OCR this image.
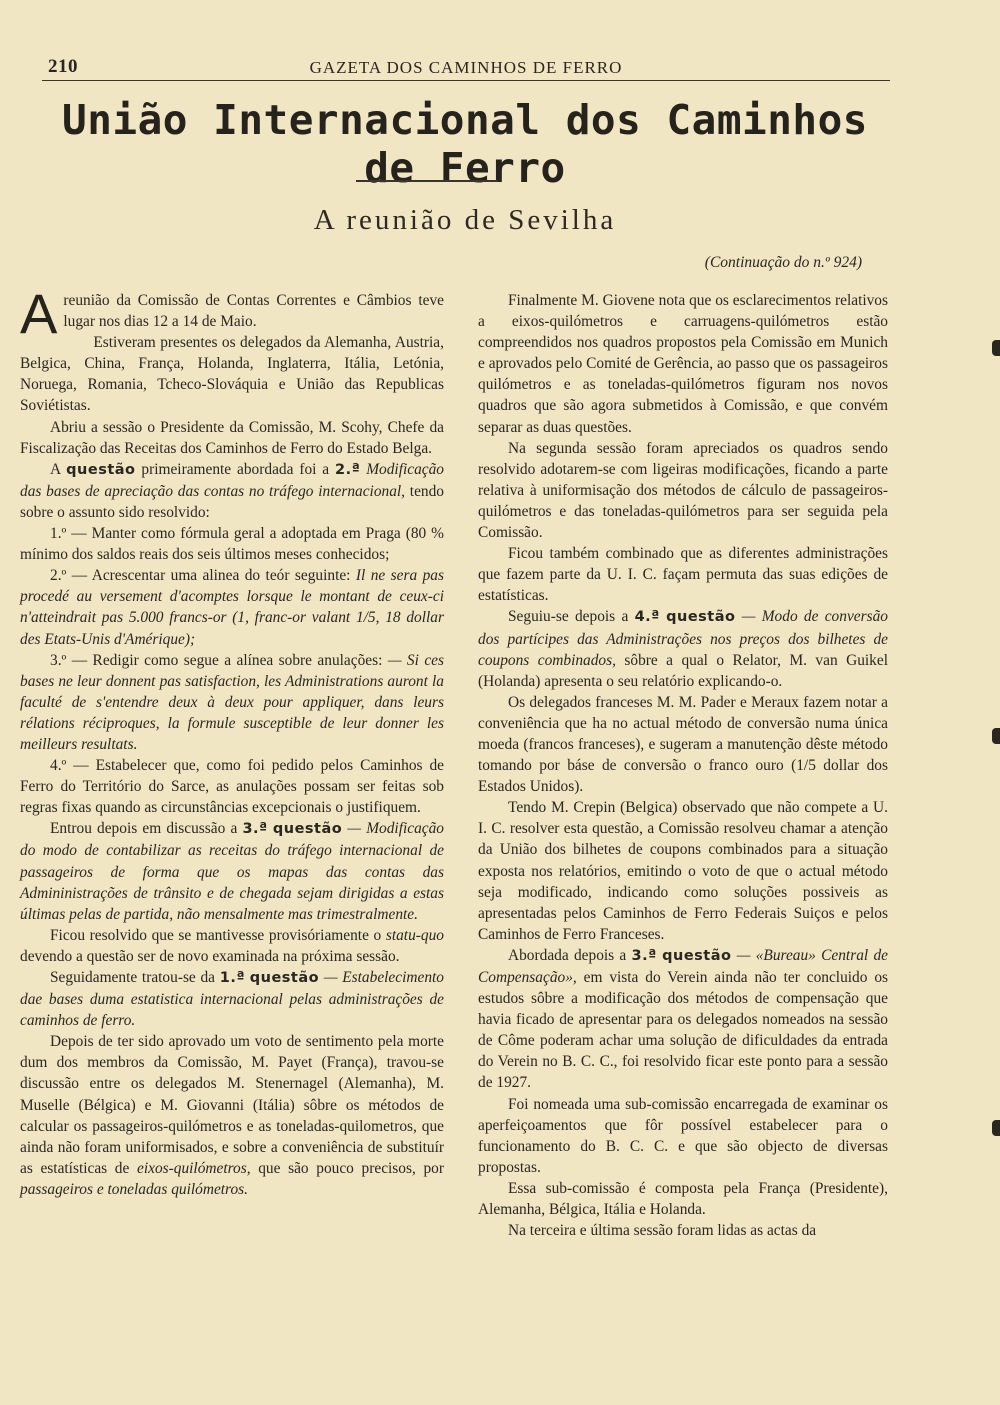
210	GAZETA DOS CAMINHOS DE FERRO
União Internacional dos Caminhos de Ferro
A reunião de Sevilha
(Continuação do n.º 924)

Areunião da Comissão de Contas Correntes e Câmbios teve lugar nos dias 12 a 14 de Maio.

Estiveram presentes os delegados da Alemanha, Austria, Belgica, China, França, Holanda, Inglaterra, Itália, Letónia, Noruega, Romania, Tcheco-Slováquia e União das Republicas Soviétistas.

Abriu a sessão o Presidente da Comissão, M. Scohy, Chefe da Fiscalização das Receitas dos Caminhos de Ferro do Estado Belga.

A questão primeiramente abordada foi a 2.ª Modificação das bases de apreciação das contas no tráfego internacional, tendo sobre o assunto sido resolvido:

1.º — Manter como fórmula geral a adoptada em Praga (80 % mínimo dos saldos reais dos seis últimos meses conhecidos;

2.º — Acrescentar uma alinea do teór seguinte: Il ne sera pas procedé au versement d'acomptes lorsque le montant de ceux-ci n'atteindrait pas 5.000 francs-or (1, franc-or valant 1/5, 18 dollar des Etats-Unis d'Amérique);

3.º — Redigir como segue a alínea sobre anulações: — Si ces bases ne leur donnent pas satisfaction, les Administrations auront la faculté de s'entendre deux à deux pour appliquer, dans leurs rélations réciproques, la formule susceptible de leur donner les meilleurs resultats.

4.º — Estabelecer que, como foi pedido pelos Caminhos de Ferro do Território do Sarce, as anulações possam ser feitas sob regras fixas quando as circunstâncias excepcionais o justifiquem.

Entrou depois em discussão a 3.ª questão — Modificação do modo de contabilizar as receitas do tráfego internacional de passageiros de forma que os mapas das contas das Admininistrações de trânsito e de chegada sejam dirigidas a estas últimas pelas de partida, não mensalmente mas trimestralmente.

Ficou resolvido que se mantivesse provisóriamente o statu-quo devendo a questão ser de novo examinada na próxima sessão.

Seguidamente tratou-se da 1.ª questão — Estabelecimento dae bases duma estatistica internacional pelas administrações de caminhos de ferro.

Depois de ter sido aprovado um voto de sentimento pela morte dum dos membros da Comissão, M. Payet (França), travou-se discussão entre os delegados M. Stenernagel (Alemanha), M. Muselle (Bélgica) e M. Giovanni (Itália) sôbre os métodos de calcular os passageiros-quilómetros e as toneladas-quilometros, que ainda não foram uniformisados, e sobre a conveniência de substituír as estatísticas de eixos-quilómetros, que são pouco precisos, por passageiros e toneladas quilómetros.

Finalmente M. Giovene nota que os esclarecimentos relativos a eixos-quilómetros e carruagens-quilómetros estão compreendidos nos quadros propostos pela Comissão em Munich e aprovados pelo Comité de Gerência, ao passo que os passageiros quilómetros e as toneladas-quilómetros figuram nos novos quadros que são agora submetidos à Comissão, e que convém separar as duas questões.

Na segunda sessão foram apreciados os quadros sendo resolvido adotarem-se com ligeiras modificações, ficando a parte relativa à uniformisação dos métodos de cálculo de passageiros-quilómetros e das toneladas-quilómetros para ser seguida pela Comissão.

Ficou também combinado que as diferentes administrações que fazem parte da U. I. C. façam permuta das suas edições de estatísticas.

Seguiu-se depois a 4.ª questão — Modo de conversão dos partícipes das Administrações nos preços dos bilhetes de coupons combinados, sôbre a qual o Relator, M. van Guikel (Holanda) apresenta o seu relatório explicando-o.

Os delegados franceses M. M. Pader e Meraux fazem notar a conveniência que ha no actual método de conversão numa única moeda (francos franceses), e sugeram a manutenção dêste método tomando por báse de conversão o franco ouro (1/5 dollar dos Estados Unidos).

Tendo M. Crepin (Belgica) observado que não compete a U. I. C. resolver esta questão, a Comissão resolveu chamar a atenção da União dos bilhetes de coupons combinados para a situação exposta nos relatórios, emitindo o voto de que o actual método seja modificado, indicando como soluções possiveis as apresentadas pelos Caminhos de Ferro Federais Suiços e pelos Caminhos de Ferro Franceses.

Abordada depois a 3.ª questão — «Bureau» Central de Compensação», em vista do Verein ainda não ter concluido os estudos sôbre a modificação dos métodos de compensação que havia ficado de apresentar para os delegados nomeados na sessão de Côme poderam achar uma solução de dificuldades da entrada do Verein no B. C. C., foi resolvido ficar este ponto para a sessão de 1927.

Foi nomeada uma sub-comissão encarregada de examinar os aperfeiçoamentos que fôr possível estabelecer para o funcionamento do B. C. C. e que são objecto de diversas propostas.

Essa sub-comissão é composta pela França (Presidente), Alemanha, Bélgica, Itália e Holanda.

Na terceira e última sessão foram lidas as actas da
